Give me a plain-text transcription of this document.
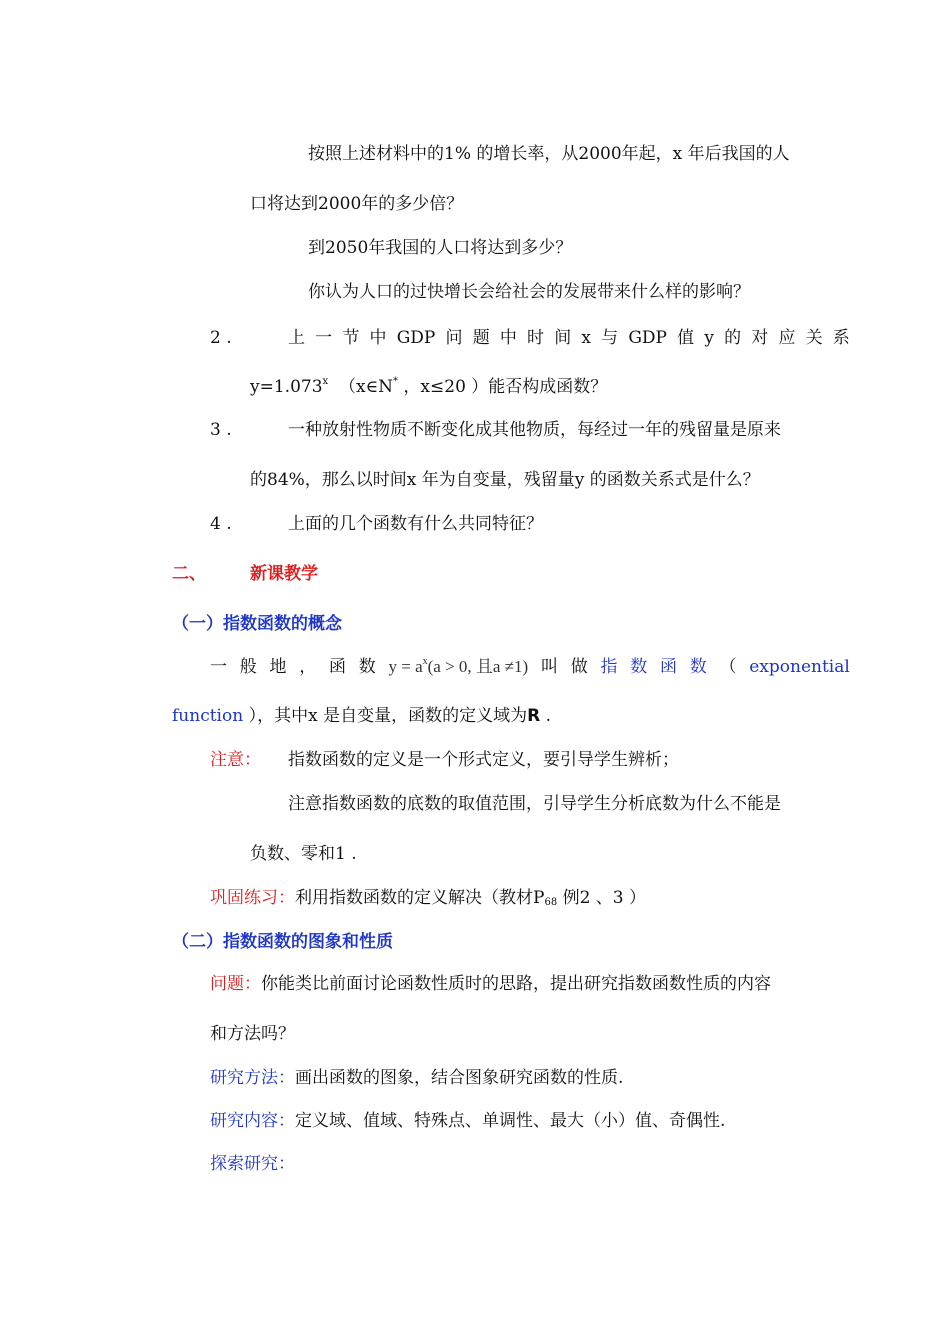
按照上述材料中的1% 的增长率，从2000年起，x 年后我国的人
口将达到2000年的多少倍？
到2050年我国的人口将达到多少？
你认为人口的过快增长会给社会的发展带来什么样的影响？
2 .	上 一 节 中 GDP 问 题 中 时 间 x 与 GDP 值 y 的 对 应 关 系
$y=1.073^x$ （x∈N* ，x≤20 ）能否构成函数？
3 .	一种放射性物质不断变化成其他物质，每经过一年的残留量是原来
的84%，那么以时间x 年为自变量，残留量y 的函数关系式是什么？
4 .	上面的几个函数有什么共同特征？
二、	新课教学
（一）指数函数的概念
一 般 地 ， 函 数 $y = a^x(a > 0$, 且a ≠1) 叫 做 指 数 函 数 （ exponential
function ），其中x 是自变量，函数的定义域为R .
注意： 指数函数的定义是一个形式定义，要引导学生辨析；
注意指数函数的底数的取值范围，引导学生分析底数为什么不能是
负数、零和1 .
巩固练习：利用指数函数的定义解决（教材$P_{68}$ 例2 、3 ）
（二）指数函数的图象和性质
问题：你能类比前面讨论函数性质时的思路，提出研究指数函数性质的内容
和方法吗？
研究方法：画出函数的图象，结合图象研究函数的性质.
研究内容：定义域、值域、特殊点、单调性、最大（小）值、奇偶性.
探索研究：
